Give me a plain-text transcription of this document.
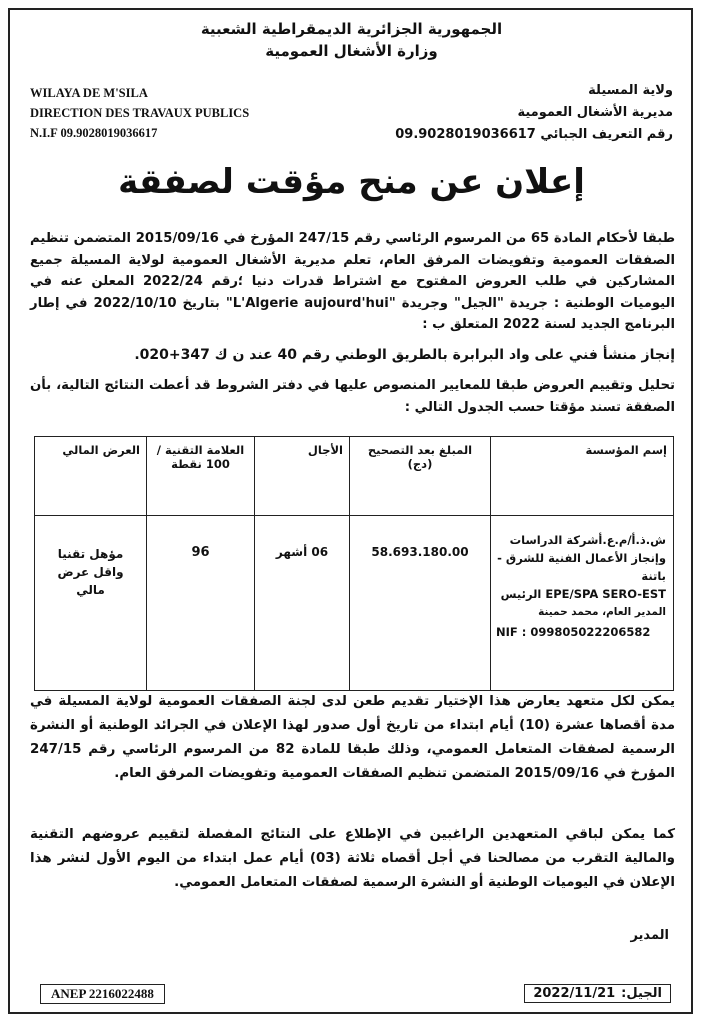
الجمهورية الجزائرية الديمقراطية الشعبية
وزارة الأشغال العمومية
WILAYA DE M'SILA
DIRECTION DES TRAVAUX PUBLICS
N.I.F 09.9028019036617
ولاية المسيلة
مديرية الأشغال العمومية
رقم التعريف الجبائي 09.9028019036617
إعلان عن منح مؤقت لصفقة
طبقا لأحكام المادة 65 من المرسوم الرئاسي رقم 247/15 المؤرخ في 2015/09/16 المتضمن تنظيم الصفقات العمومية وتفويضات المرفق العام، تعلم مديرية الأشغال العمومية لولاية المسيلة جميع المشاركين في طلب العروض المفتوح مع اشتراط قدرات دنيا ؛رقم 2022/24 المعلن عنه في اليوميات الوطنية : جريدة "الجيل" وجريدة "L'Algerie aujourd'hui" بتاريخ 2022/10/10 في إطار البرنامج الجديد لسنة 2022 المتعلق ب :
إنجاز منشأ فني على واد البرابرة بالطريق الوطني رقم 40 عند ن ك 347+020.
تحليل وتقييم العروض طبقا للمعايير المنصوص عليها في دفتر الشروط قد أعطت النتائج التالية، بأن الصفقة تسند مؤقتا حسب الجدول التالي :
إسم المؤسسة	المبلغ بعد التصحيح (دج)	الأجال	العلامة التقنية / 100 نقطة	العرض المالي

ش.ذ.أ/م.ع.أشركة الدراسات
وإنجاز الأعمال الفنية للشرق - باتنة
EPE/SPA SERO-EST الرئيس
المدير العام، محمد حمينة
NIF : 099805022206582	58.693.180.00	06 أشهر	96	مؤهل تقنيا واقل عرض مالي
يمكن لكل متعهد يعارض هذا الإختيار تقديم طعن لدى لجنة الصفقات العمومية لولاية المسيلة في مدة أقصاها عشرة (10) أيام ابتداء من تاريخ أول صدور لهذا الإعلان في الجرائد الوطنية أو النشرة الرسمية لصفقات المتعامل العمومي، وذلك طبقا للمادة 82 من المرسوم الرئاسي رقم 247/15 المؤرخ في 2015/09/16 المتضمن تنظيم الصفقات العمومية وتفويضات المرفق العام.
كما يمكن لباقي المتعهدين الراغبين في الإطلاع على النتائج المفصلة لتقييم عروضهم التقنية والمالية التقرب من مصالحنا في أجل أقصاه ثلاثة (03) أيام عمل ابتداء من اليوم الأول لنشر هذا الإعلان في اليوميات الوطنية أو النشرة الرسمية لصفقات المتعامل العمومي.
المدير
ANEP 2216022488	الجيل:
2022/11/21
